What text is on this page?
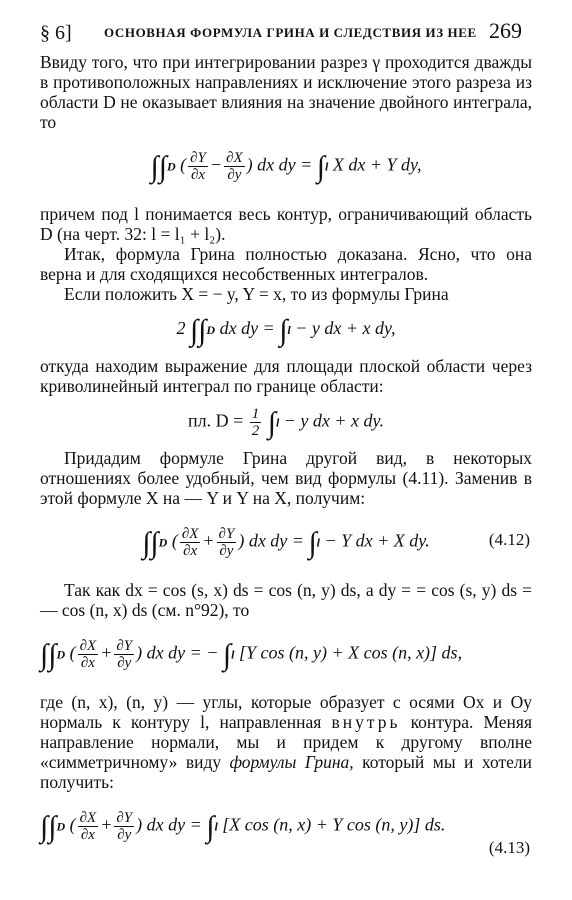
§ 6] ОСНОВНАЯ ФОРМУЛА ГРИНА И СЛЕДСТВИЯ ИЗ НЕЕ 269

Ввиду того, что при интегрировании разрез γ проходится дважды в противоположных направлениях и исключение этого разреза из области D не оказывает влияния на значение двойного интеграла, то

∫∫D ( $\frac{\partial Y}{\partial x} - \frac{\partial X}{\partial y}$ ) dx dy = ∫l X dx + Y dy,

причем под l понимается весь контур, ограничивающий область D (на черт. 32: l = l₁ + l₂).

Итак, формула Грина полностью доказана. Ясно, что она верна и для сходящихся несобственных интегралов.

Если положить X = − y, Y = x, то из формулы Грина

2 ∫∫D dx dy = ∫l − y dx + x dy,

откуда находим выражение для площади плоской области через криволинейный интеграл по границе области:

пл. $D = \frac{1}{2} \int l - y$ dx + x dy.

Придадим формуле Грина другой вид, в некоторых отношениях более удобный, чем вид формулы (4.11). Заменив в этой формуле X на — Y и Y на X, получим:

∫∫D ( $\frac{\partial X}{\partial x} + \frac{\partial Y}{\partial y}$ ) dx dy = ∫l − Y dx + X dy.	(4.12)

Так как dx = cos (s, x) ds = cos (n, y) ds, а dy = = cos (s, y) ds = — cos (n, x) ds (см. n°92), то

∫∫D ( $\frac{\partial X}{\partial x} + \frac{\partial Y}{\partial y}$ ) dx dy = − ∫l [Y cos (n, y) + X cos (n, x)] ds,

где (n, x), (n, y) — углы, которые образует с осями Ox и Oy нормаль к контуру l, направленная внутрь контура. Меняя направление нормали, мы и придем к другому вполне «симметричному» виду формулы Грина, который мы и хотели получить:

∫∫D ( $\frac{\partial X}{\partial x} + \frac{\partial Y}{\partial y}$ ) dx dy = ∫l [X cos (n, x) + Y cos (n, y)] ds.
(4.13)
